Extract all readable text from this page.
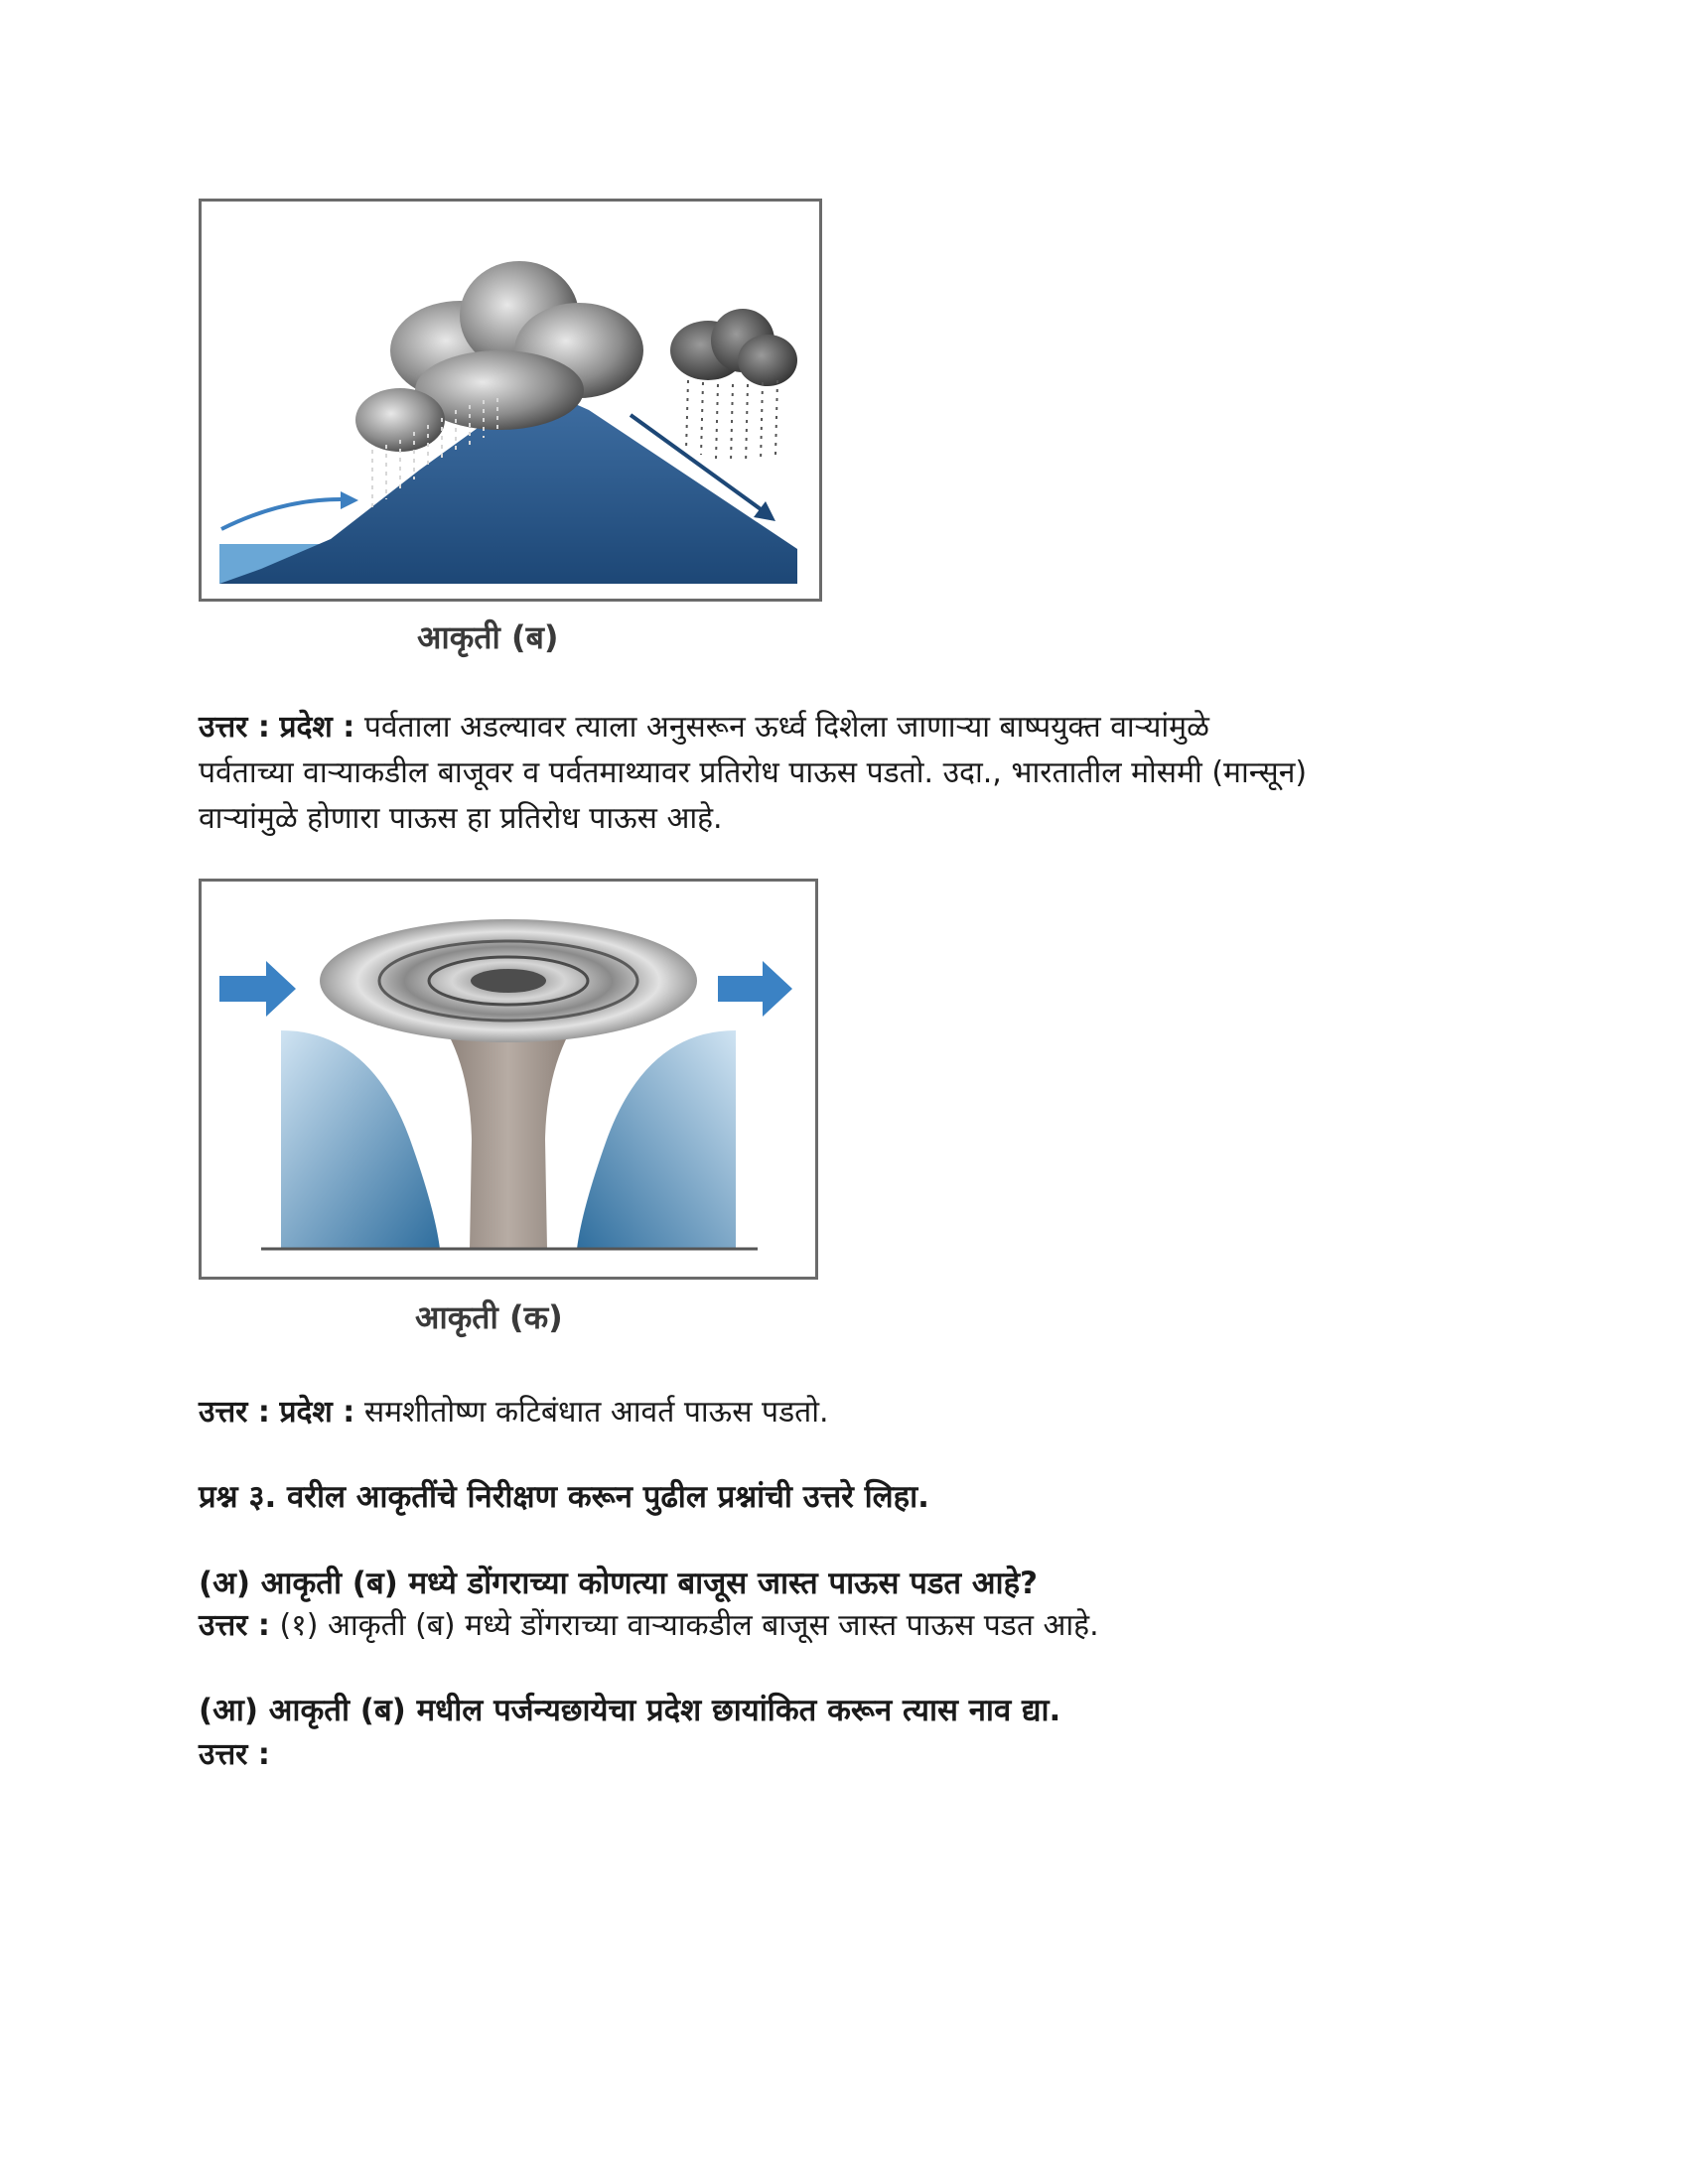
आकृती (ब)
उत्तर : प्रदेश : पर्वताला अडल्यावर त्याला अनुसरून ऊर्ध्व दिशेला जाणाऱ्या बाष्पयुक्त वाऱ्यांमुळे
पर्वताच्या वाऱ्याकडील बाजूवर व पर्वतमाथ्यावर प्रतिरोध पाऊस पडतो. उदा., भारतातील मोसमी (मान्सून)
वाऱ्यांमुळे होणारा पाऊस हा प्रतिरोध पाऊस आहे.
आकृती (क)
उत्तर : प्रदेश : समशीतोष्ण कटिबंधात आवर्त पाऊस पडतो.
प्रश्न ३. वरील आकृतींचे निरीक्षण करून पुढील प्रश्नांची उत्तरे लिहा.
(अ) आकृती (ब) मध्ये डोंगराच्या कोणत्या बाजूस जास्त पाऊस पडत आहे?
उत्तर : (१) आकृती (ब) मध्ये डोंगराच्या वाऱ्याकडील बाजूस जास्त पाऊस पडत आहे.
(आ) आकृती (ब) मधील पर्जन्यछायेचा प्रदेश छायांकित करून त्यास नाव द्या.
उत्तर :
